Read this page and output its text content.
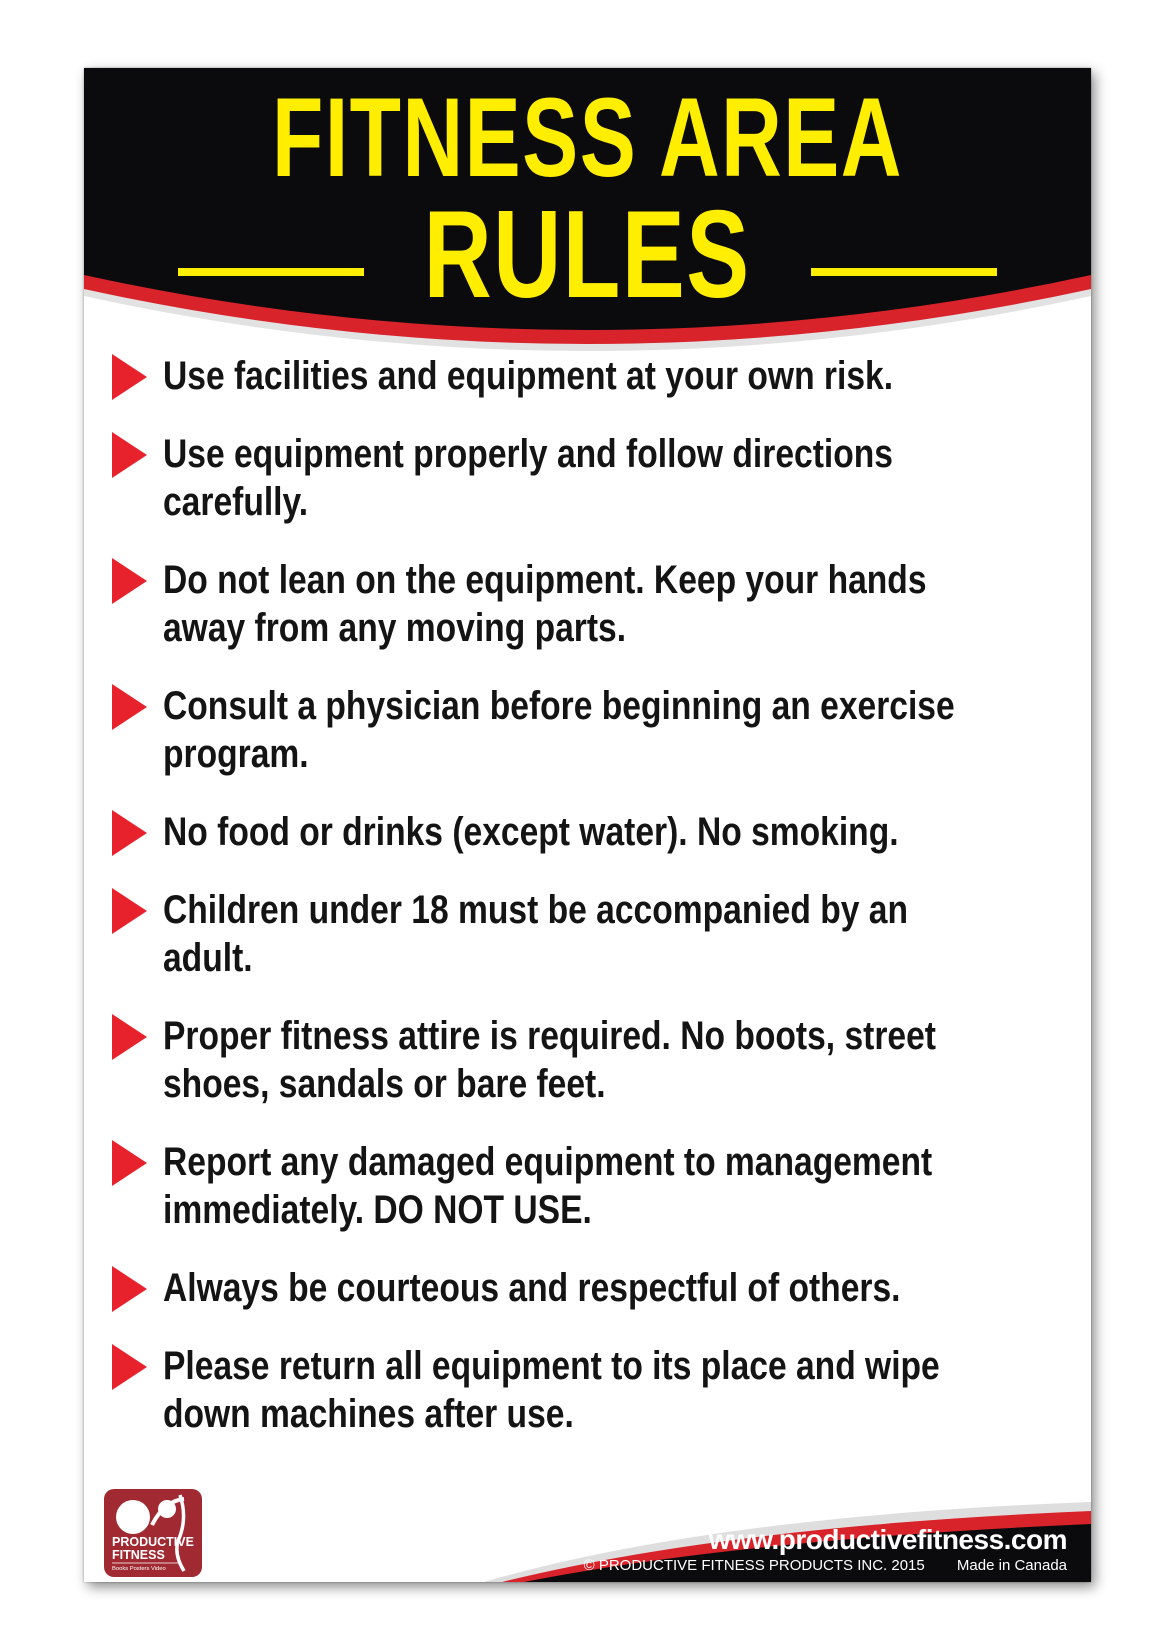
FITNESS AREA
RULES
Use facilities and equipment at your own risk.
Use equipment properly and follow directions
carefully.
Do not lean on the equipment. Keep your hands
away from any moving parts.
Consult a physician before beginning an exercise
program.
No food or drinks (except water). No smoking.
Children under 18 must be accompanied by an
adult.
Proper fitness attire is required. No boots, street
shoes, sandals or bare feet.
Report any damaged equipment to management
immediately. DO NOT USE.
Always be courteous and respectful of others.
Please return all equipment to its place and wipe
down machines after use.
www.productivefitness.com
© PRODUCTIVE FITNESS PRODUCTS INC. 2015 Made in Canada
PRODUCTIVE
FITNESS
Books Posters Video
